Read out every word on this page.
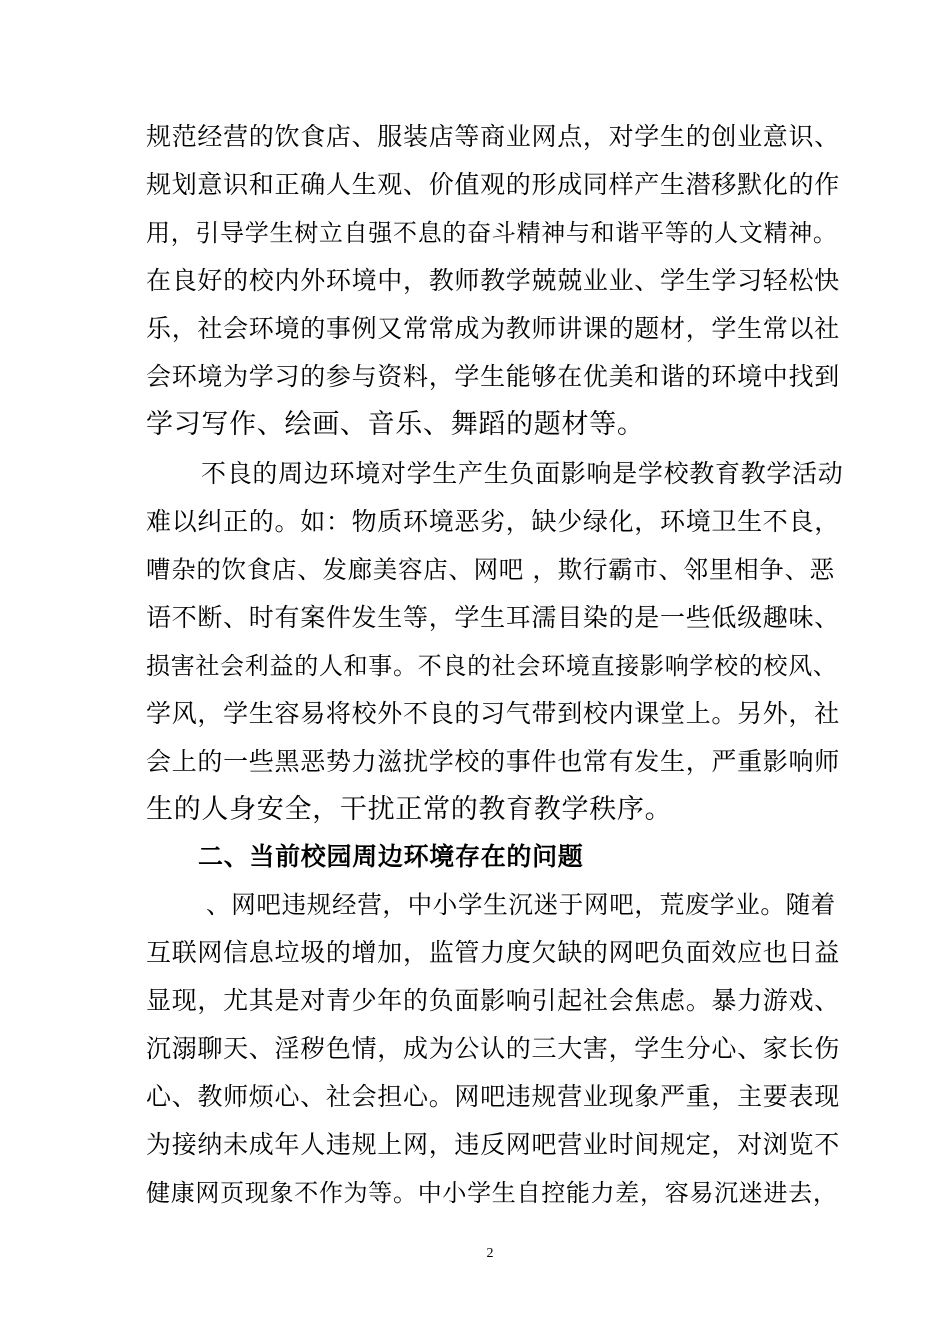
规范经营的饮食店、服装店等商业网点，对学生的创业意识、
规划意识和正确人生观、价值观的形成同样产生潜移默化的作
用，引导学生树立自强不息的奋斗精神与和谐平等的人文精神。
在良好的校内外环境中，教师教学兢兢业业、学生学习轻松快
乐，社会环境的事例又常常成为教师讲课的题材，学生常以社
会环境为学习的参与资料，学生能够在优美和谐的环境中找到
学习写作、绘画、音乐、舞蹈的题材等。
不良的周边环境对学生产生负面影响是学校教育教学活动
难以纠正的。如：物质环境恶劣，缺少绿化，环境卫生不良，
嘈杂的饮食店、发廊美容店、网吧 ，欺行霸市、邻里相争、恶
语不断、时有案件发生等，学生耳濡目染的是一些低级趣味、
损害社会利益的人和事。不良的社会环境直接影响学校的校风、
学风，学生容易将校外不良的习气带到校内课堂上。另外，社
会上的一些黑恶势力滋扰学校的事件也常有发生，严重影响师
生的人身安全，干扰正常的教育教学秩序。
二、当前校园周边环境存在的问题
、网吧违规经营，中小学生沉迷于网吧，荒废学业。随着
互联网信息垃圾的增加，监管力度欠缺的网吧负面效应也日益
显现，尤其是对青少年的负面影响引起社会焦虑。暴力游戏、
沉溺聊天、淫秽色情，成为公认的三大害，学生分心、家长伤
心、教师烦心、社会担心。网吧违规营业现象严重，主要表现
为接纳未成年人违规上网，违反网吧营业时间规定，对浏览不
健康网页现象不作为等。中小学生自控能力差，容易沉迷进去，
2
